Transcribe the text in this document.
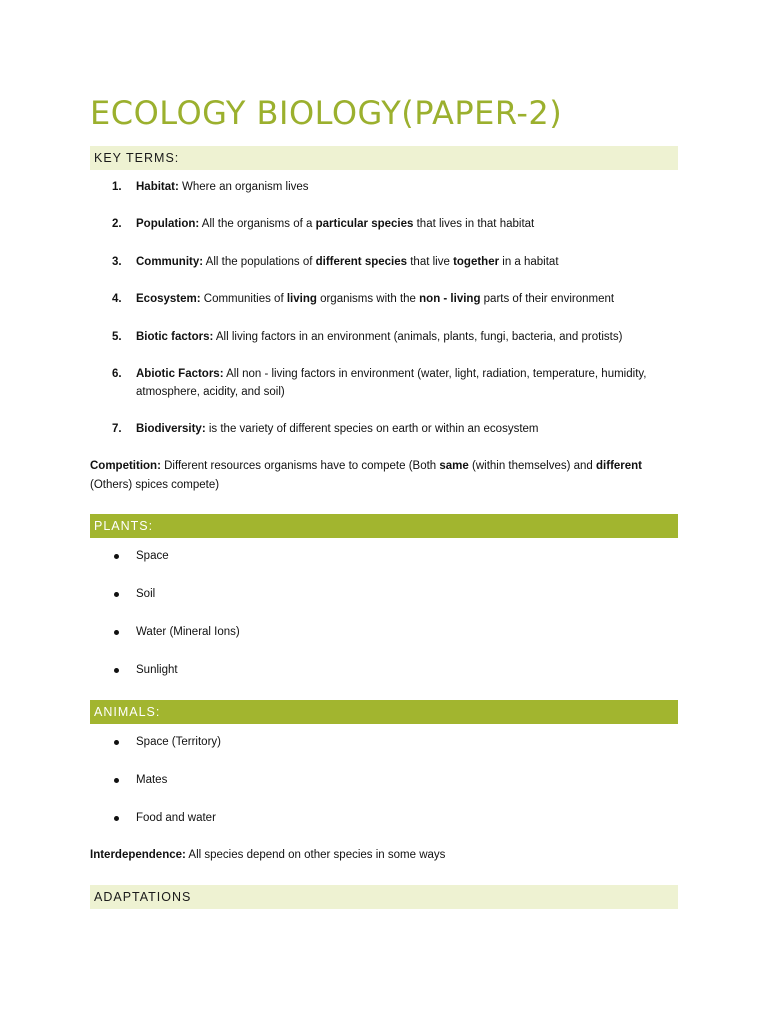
ECOLOGY BIOLOGY(PAPER-2)
KEY TERMS:
1.	Habitat: Where an organism lives
2.	Population: All the organisms of a particular species that lives in that habitat
3.	Community: All the populations of different species that live together in a habitat
4.	Ecosystem: Communities of living organisms with the non - living parts of their environment
5.	Biotic factors: All living factors in an environment (animals, plants, fungi, bacteria, and protists)
6.	Abiotic Factors: All non - living factors in environment (water, light, radiation, temperature, humidity, atmosphere, acidity, and soil)
7.	Biodiversity: is the variety of different species on earth or within an ecosystem
Competition: Different resources organisms have to compete (Both same (within themselves) and different (Others) spices compete)
PLANTS:
Space
Soil
Water (Mineral Ions)
Sunlight
ANIMALS:
Space (Territory)
Mates
Food and water
Interdependence: All species depend on other species in some ways
ADAPTATIONS
